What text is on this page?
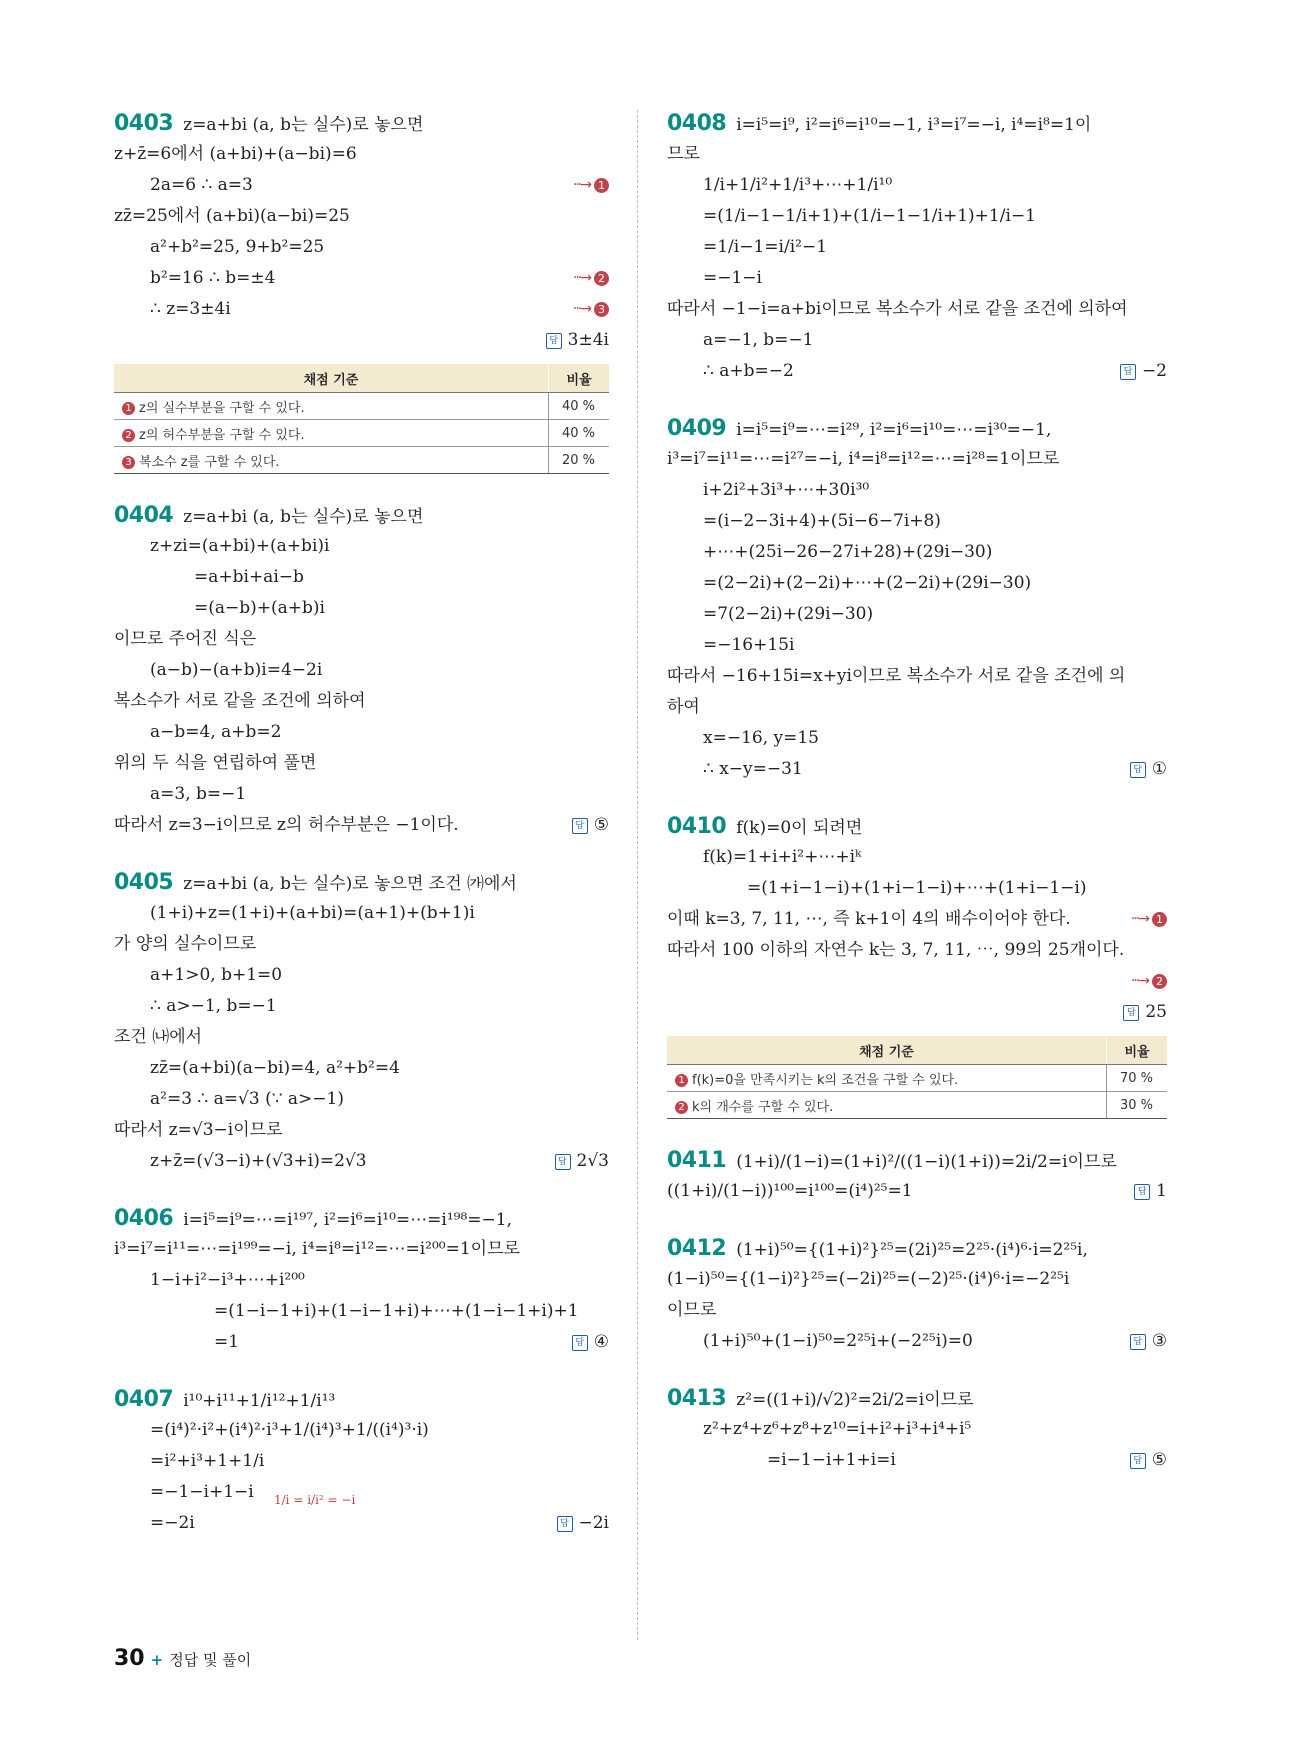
0403 z=a+bi (a, b는 실수)로 놓으면
z+z̄=6에서 (a+bi)+(a−bi)=6
2a=6 ∴ a=3	···→ 1
zz̄=25에서 (a+bi)(a−bi)=25
a²+b²=25, 9+b²=25
b²=16 ∴ b=±4	···→ 2
∴ z=3±4i	···→ 3
답 3±4i
채점 기준	비율
1 z의 실수부분을 구할 수 있다.	40 %
2 z의 허수부분을 구할 수 있다.	40 %
3 복소수 z를 구할 수 있다.	20 %
0404 z=a+bi (a, b는 실수)로 놓으면
z+zi=(a+bi)+(a+bi)i
=a+bi+ai−b
=(a−b)+(a+b)i
이므로 주어진 식은
(a−b)−(a+b)i=4−2i
복소수가 서로 같을 조건에 의하여
a−b=4, a+b=2
위의 두 식을 연립하여 풀면
a=3, b=−1
따라서 z=3−i이므로 z의 허수부분은 −1이다.	답 ⑤
0405 z=a+bi (a, b는 실수)로 놓으면 조건 ㈎에서
(1+i)+z=(1+i)+(a+bi)=(a+1)+(b+1)i
가 양의 실수이므로
a+1>0, b+1=0
∴ a>−1, b=−1
조건 ㈏에서
zz̄=(a+bi)(a−bi)=4, a²+b²=4
a²=3 ∴ a=√3 (∵ a>−1)
따라서 z=√3−i이므로
z+z̄=(√3−i)+(√3+i)=2√3	답 2√3
0406 i=i⁵=i⁹=⋯=i¹⁹⁷, i²=i⁶=i¹⁰=⋯=i¹⁹⁸=−1,
i³=i⁷=i¹¹=⋯=i¹⁹⁹=−i, i⁴=i⁸=i¹²=⋯=i²⁰⁰=1이므로
1−i+i²−i³+⋯+i²⁰⁰
=(1−i−1+i)+(1−i−1+i)+⋯+(1−i−1+i)+1
=1	답 ④
0407 i¹⁰+i¹¹+1/i¹²+1/i¹³
=(i⁴)²·i²+(i⁴)²·i³+1/(i⁴)³+1/((i⁴)³·i)
=i²+i³+1+1/i
=−1−i+1−i 1/i = i/i² = −i
=−2i	답 −2i
0408 i=i⁵=i⁹, i²=i⁶=i¹⁰=−1, i³=i⁷=−i, i⁴=i⁸=1이
므로
1/i+1/i²+1/i³+⋯+1/i¹⁰
=(1/i−1−1/i+1)+(1/i−1−1/i+1)+1/i−1
=1/i−1=i/i²−1
=−1−i
따라서 −1−i=a+bi이므로 복소수가 서로 같을 조건에 의하여
a=−1, b=−1
∴ a+b=−2	답 −2
0409 i=i⁵=i⁹=⋯=i²⁹, i²=i⁶=i¹⁰=⋯=i³⁰=−1,
i³=i⁷=i¹¹=⋯=i²⁷=−i, i⁴=i⁸=i¹²=⋯=i²⁸=1이므로
i+2i²+3i³+⋯+30i³⁰
=(i−2−3i+4)+(5i−6−7i+8)
+⋯+(25i−26−27i+28)+(29i−30)
=(2−2i)+(2−2i)+⋯+(2−2i)+(29i−30)
=7(2−2i)+(29i−30)
=−16+15i
따라서 −16+15i=x+yi이므로 복소수가 서로 같을 조건에 의
하여
x=−16, y=15
∴ x−y=−31	답 ①
0410 f(k)=0이 되려면
f(k)=1+i+i²+⋯+iᵏ
=(1+i−1−i)+(1+i−1−i)+⋯+(1+i−1−i)
이때 k=3, 7, 11, ⋯, 즉 k+1이 4의 배수이어야 한다.	···→ 1
따라서 100 이하의 자연수 k는 3, 7, 11, ⋯, 99의 25개이다.
···→ 2
답 25
채점 기준	비율
1 f(k)=0을 만족시키는 k의 조건을 구할 수 있다.	70 %
2 k의 개수를 구할 수 있다.	30 %
0411 (1+i)/(1−i)=(1+i)²/((1−i)(1+i))=2i/2=i이므로
((1+i)/(1−i))¹⁰⁰=i¹⁰⁰=(i⁴)²⁵=1	답 1
0412 (1+i)⁵⁰={(1+i)²}²⁵=(2i)²⁵=2²⁵·(i⁴)⁶·i=2²⁵i,
(1−i)⁵⁰={(1−i)²}²⁵=(−2i)²⁵=(−2)²⁵·(i⁴)⁶·i=−2²⁵i
이므로
(1+i)⁵⁰+(1−i)⁵⁰=2²⁵i+(−2²⁵i)=0	답 ③
0413 z²=((1+i)/√2)²=2i/2=i이므로
z²+z⁴+z⁶+z⁸+z¹⁰=i+i²+i³+i⁴+i⁵
=i−1−i+1+i=i	답 ⑤
30 + 정답 및 풀이
